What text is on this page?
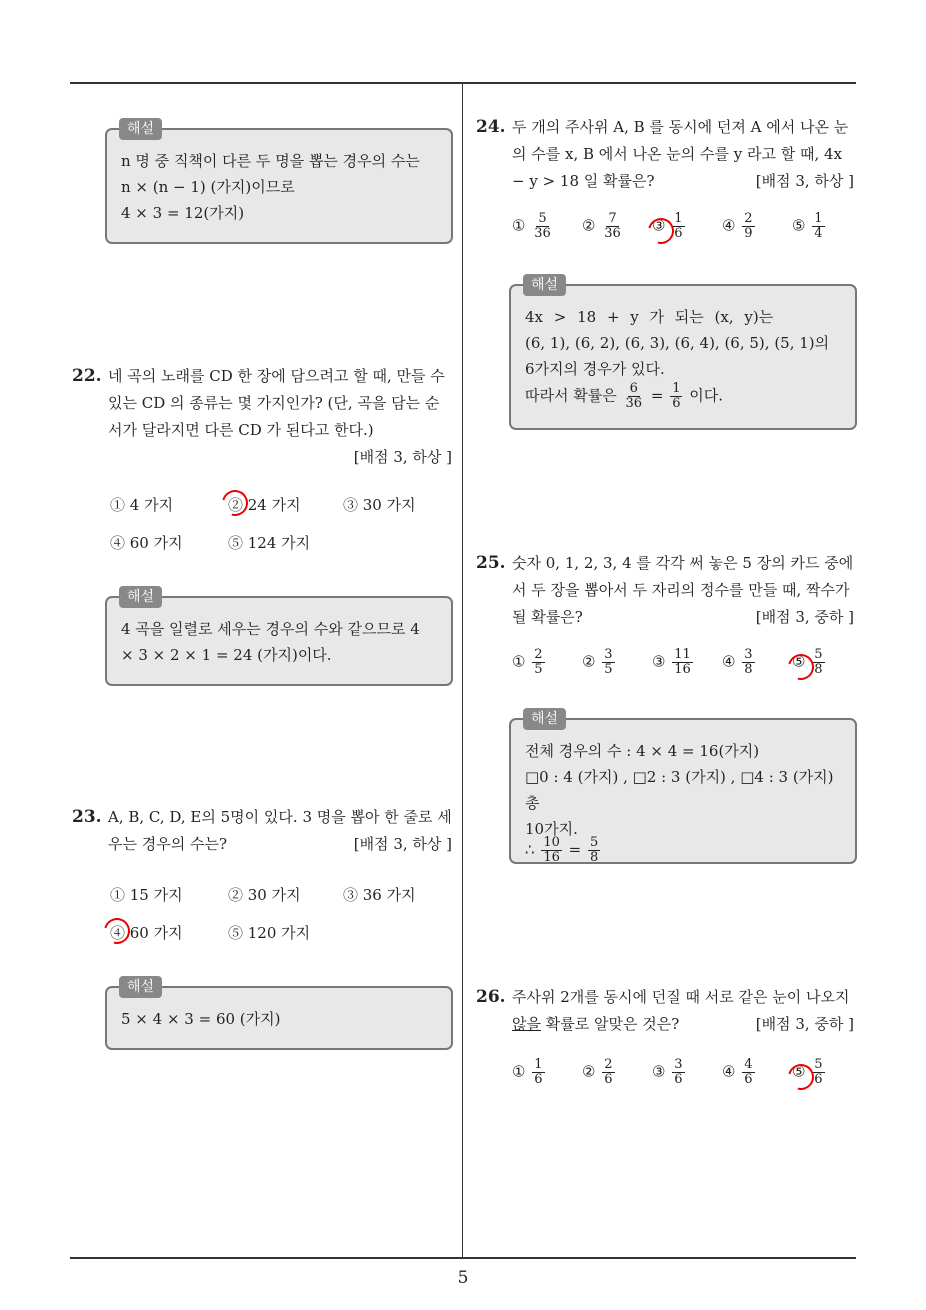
해설
n 명 중 직책이 다른 두 명을 뽑는 경우의 수는
n × (n − 1) (가지)이므로
4 × 3 = 12(가지)
22. 네 곡의 노래를 CD 한 장에 담으려고 할 때, 만들 수 있는 CD 의 종류는 몇 가지인가? (단, 곡을 담는 순서가 달라지면 다른 CD 가 된다고 한다.)
[배점 3, 하상 ]
① 4 가지	② 24 가지	③ 30 가지
④ 60 가지	⑤ 124 가지
해설
4 곡을 일렬로 세우는 경우의 수와 같으므로 4 × 3 × 2 × 1 = 24 (가지)이다.
23. A, B, C, D, E의 5명이 있다. 3 명을 뽑아 한 줄로 세우는 경우의 수는?	[배점 3, 하상 ]
① 15 가지	② 30 가지	③ 36 가지
④ 60 가지	⑤ 120 가지
해설
5 × 4 × 3 = 60 (가지)
24. 두 개의 주사위 A, B 를 동시에 던져 A 에서 나온 눈의 수를 x, B 에서 나온 눈의 수를 y 라고 할 때, 4x − y > 18 일 확률은?	[배점 3, 하상 ]
① $\frac{5}{36}$ ② $\frac{7}{36}$ ③ $\frac{1}{6}$ ④ $\frac{2}{9}$ ⑤ $\frac{1}{4}$
해설
4x > 18 + y 가 되는 (x, y)는
(6, 1), (6, 2), (6, 3), (6, 4), (6, 5), (5, 1)의
6가지의 경우가 있다.
따라서 확률은 $\frac{6}{36} = \frac{1}{6}$ 이다.
25. 숫자 0, 1, 2, 3, 4 를 각각 써 놓은 5 장의 카드 중에서 두 장을 뽑아서 두 자리의 정수를 만들 때, 짝수가 될 확률은?	[배점 3, 중하 ]
① $\frac{2}{5}$ ② $\frac{3}{5}$ ③ $\frac{11}{16}$ ④ $\frac{3}{8}$ ⑤ $\frac{5}{8}$
해설
전체 경우의 수 : 4 × 4 = 16(가지)
□0 : 4 (가지) , □2 : 3 (가지) , □4 : 3 (가지) 총
10가지.
∴ $\frac{10}{16} = \frac{5}{8}$
26. 주사위 2개를 동시에 던질 때 서로 같은 눈이 나오지
않을 확률로 알맞은 것은?	[배점 3, 중하 ]
① $\frac{1}{6}$ ② $\frac{2}{6}$ ③ $\frac{3}{6}$ ④ $\frac{4}{6}$ ⑤ $\frac{5}{6}$
5
